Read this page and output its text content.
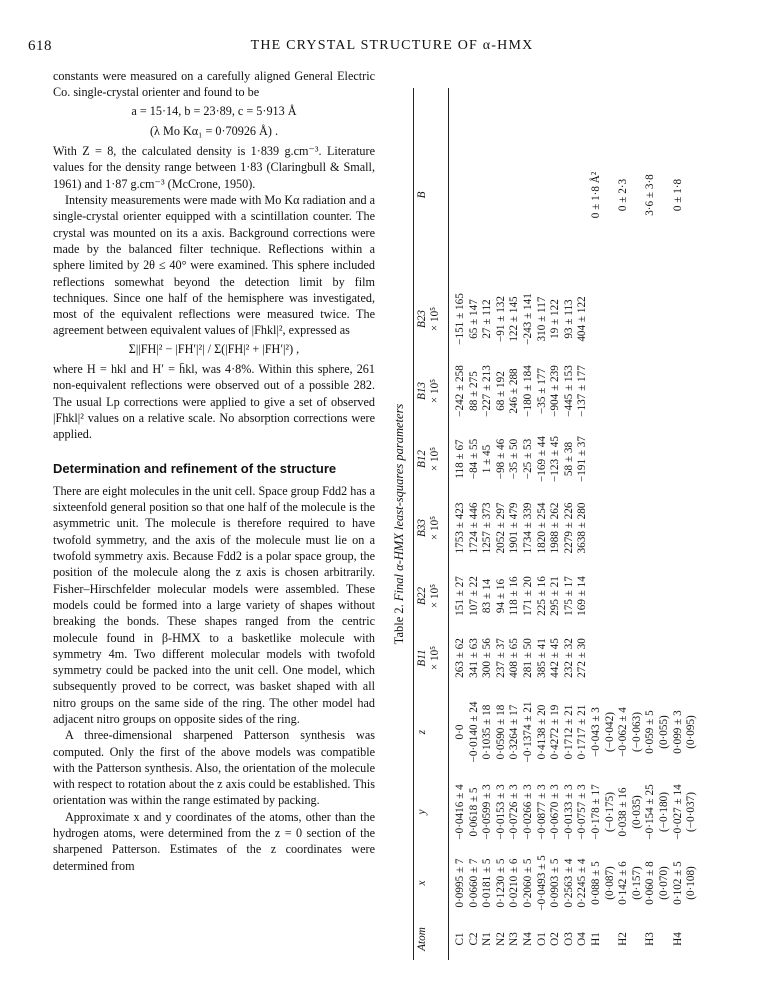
618	THE CRYSTAL STRUCTURE OF α-HMX

constants were measured on a carefully aligned General Electric Co. single-crystal orienter and found to be

a = 15·14, b = 23·89, c = 5·913 Å

(λ Mo Kα₁ = 0·70926 Å) .

With Z = 8, the calculated density is 1·839 g.cm⁻³. Literature values for the density range between 1·83 (Claringbull & Small, 1961) and 1·87 g.cm⁻³ (McCrone, 1950).

Intensity measurements were made with Mo Kα radiation and a single-crystal orienter equipped with a scintillation counter. The crystal was mounted on its a axis. Background corrections were made by the balanced filter technique. Reflections within a sphere limited by 2θ ≤ 40° were examined. This sphere included reflections somewhat beyond the detection limit by film techniques. Since one half of the hemisphere was investigated, most of the equivalent reflections were measured twice. The agreement between equivalent values of |Fhkl|², expressed as

Σ||FH|² − |FH′|²| / Σ(|FH|² + |FH′|²) ,

where H = hkl and H′ = h̄kl, was 4·8%. Within this sphere, 261 non-equivalent reflections were observed out of a possible 282. The usual Lp corrections were applied to give a set of observed |Fhkl|² values on a relative scale. No absorption corrections were applied.

Determination and refinement of the structure

There are eight molecules in the unit cell. Space group Fdd2 has a sixteenfold general position so that one half of the molecule is the asymmetric unit. The molecule is therefore required to have twofold symmetry, and the axis of the molecule must lie on a twofold symmetry axis. Because Fdd2 is a polar space group, the position of the molecule along the z axis is chosen arbitrarily. Fisher–Hirschfelder molecular models were assembled. These models could be formed into a large variety of shapes without breaking the bonds. These shapes ranged from the centric molecule found in β-HMX to a basketlike molecule with symmetry 4m. Two different molecular models with twofold symmetry could be packed into the unit cell. One model, which subsequently proved to be correct, was basket shaped with all nitro groups on the same side of the ring. The other model had adjacent nitro groups on opposite sides of the ring.

A three-dimensional sharpened Patterson synthesis was computed. Only the first of the above models was compatible with the Patterson synthesis. Also, the orientation of the molecule with respect to rotation about the z axis could be established. This orientation was within the range estimated by packing.

Approximate x and y coordinates of the atoms, other than the hydrogen atoms, were determined from the z = 0 section of the sharpened Patterson. Estimates of the z coordinates were determined from

Table 2. Final α-HMX least-squares parameters
Atom C1 C2 N1 N2 N3 N4 O1 O2 O3 O4 H1 H2 H3 H4
x 0·0995 ± 7 0·0660 ± 7 0·0181 ± 5 0·1230 ± 5 0·0210 ± 6 0·2060 ± 5 −0·0493 ± 5 0·0903 ± 5 0·2563 ± 4 0·2245 ± 4 0·088 ± 5 (0·087) 0·142 ± 6 (0·157) 0·060 ± 8 (0·070) 0·102 ± 5 (0·108)
y −0·0416 ± 4 0·0618 ± 5 −0·0599 ± 3 −0·0153 ± 3 −0·0726 ± 3 −0·0266 ± 3 −0·0877 ± 3 −0·0670 ± 3 −0·0133 ± 3 −0·0757 ± 3 −0·178 ± 17 (−0·175) 0·038 ± 16 (0·035) −0·154 ± 25 (−0·180) −0·027 ± 14 (−0·037)
z 0·0 −0·0140 ± 24 0·1035 ± 18 0·0590 ± 18 0·3264 ± 17 −0·1374 ± 21 0·4138 ± 20 0·4272 ± 19 0·1712 ± 21 0·1717 ± 21 −0·043 ± 3 (−0·042) −0·062 ± 4 (−0·063) 0·059 ± 5 (0·055) 0·099 ± 3 (0·095)
B11 × 10⁵ 263 ± 62 341 ± 63 300 ± 56 237 ± 37 408 ± 65 281 ± 50 385 ± 41 442 ± 45 232 ± 32 272 ± 30
B22 × 10⁵ 151 ± 27 107 ± 22 83 ± 14 94 ± 16 118 ± 16 171 ± 20 225 ± 16 295 ± 21 175 ± 17 169 ± 14
B33 × 10⁵ 1753 ± 423 1724 ± 446 1257 ± 373 2052 ± 297 1901 ± 479 1734 ± 339 1820 ± 254 1988 ± 262 2279 ± 226 3638 ± 280
B12 × 10⁵ 118 ± 67 −84 ± 55 1 ± 45 −98 ± 46 −35 ± 50 −25 ± 53 −169 ± 44 −123 ± 45 58 ± 38 −191 ± 37
B13 × 10⁵ −242 ± 258 88 ± 275 −227 ± 213 68 ± 192 246 ± 288 −180 ± 184 −35 ± 177 −904 ± 239 −445 ± 153 −137 ± 177
B23 × 10⁵ −151 ± 165 65 ± 147 27 ± 112 −91 ± 132 122 ± 145 −243 ± 141 310 ± 117 19 ± 122 93 ± 113 404 ± 122
B	0 ± 1·8 Å² 0 ± 2·3 3·6 ± 3·8 0 ± 1·8
